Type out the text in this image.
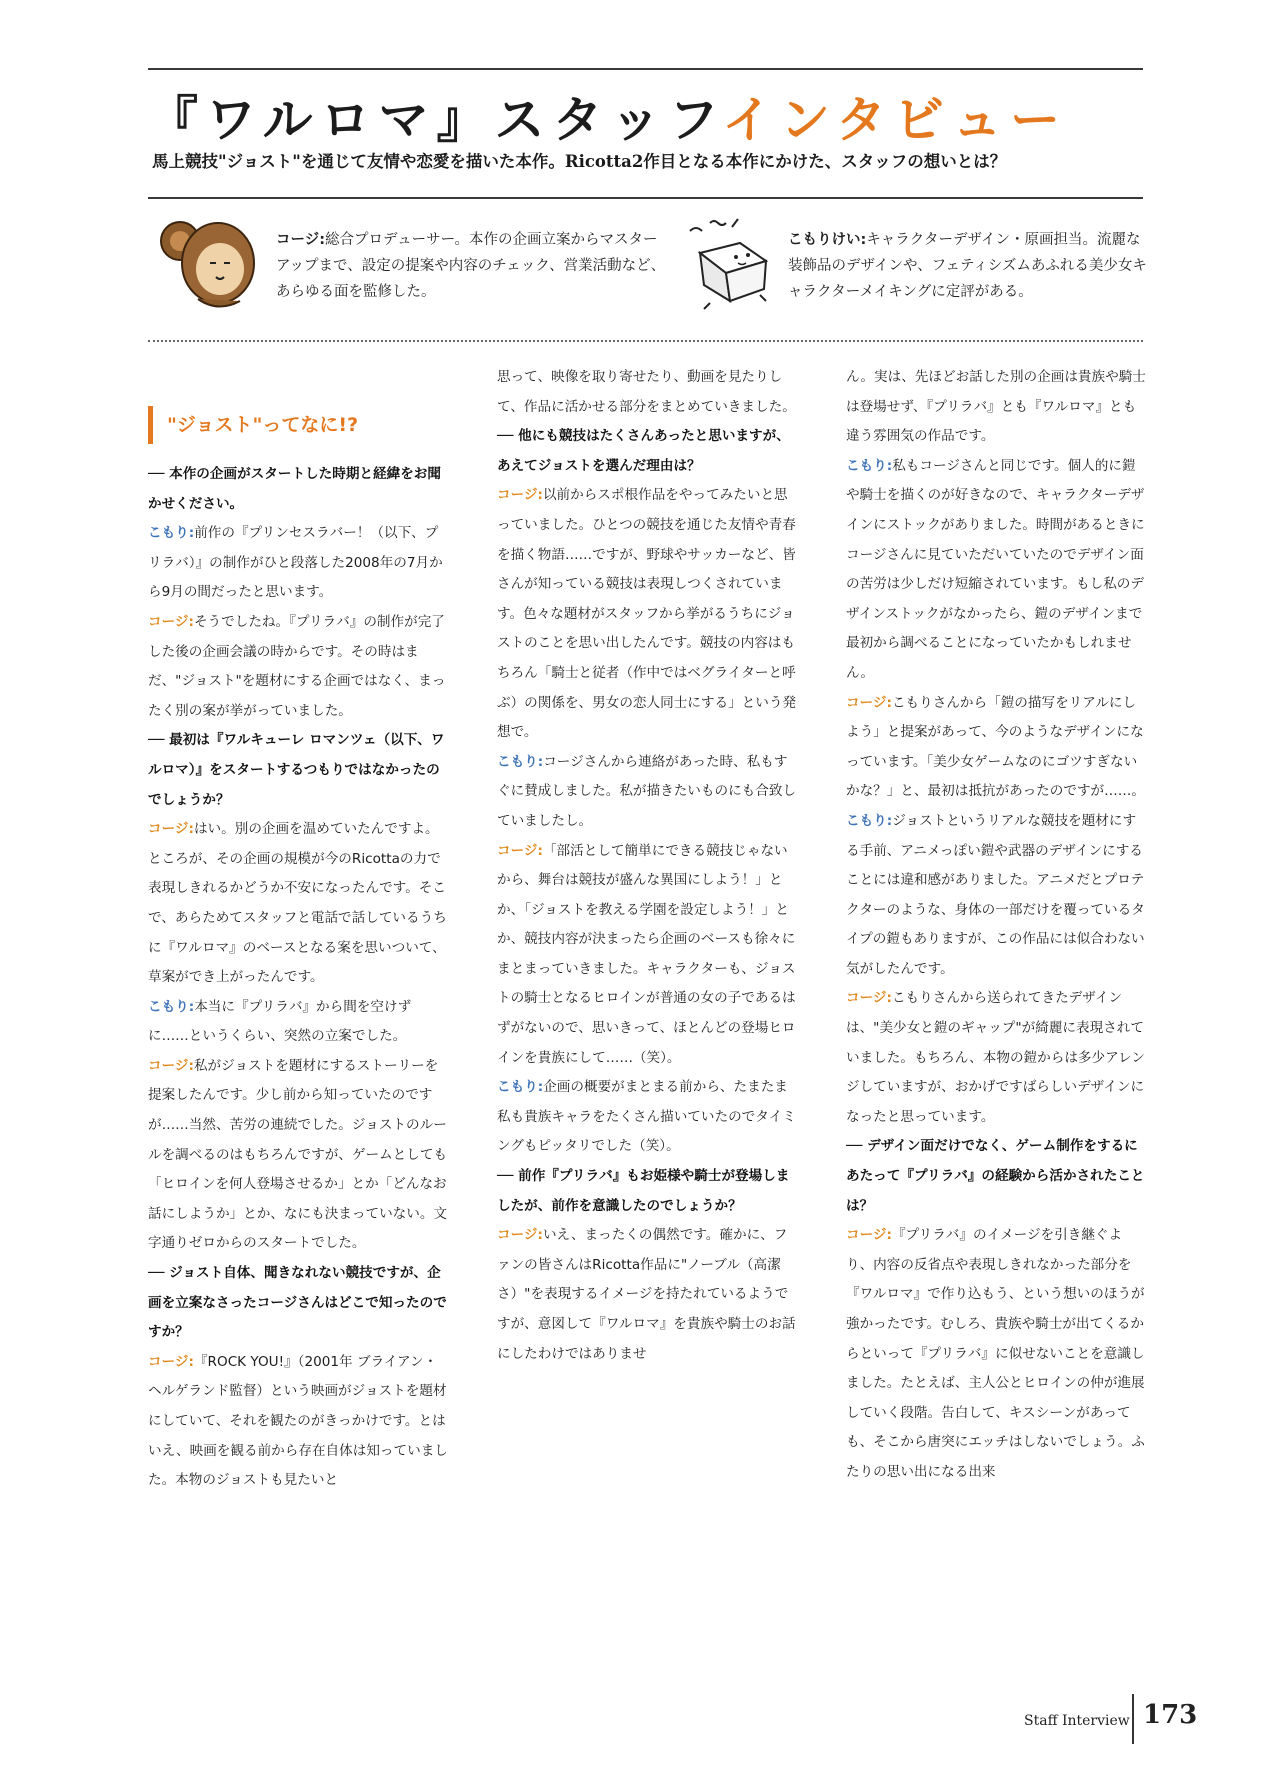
『ワルロマ』スタッフインタビュー
馬上競技"ジョスト"を通じて友情や恋愛を描いた本作。Ricotta2作目となる本作にかけた、スタッフの想いとは？
コージ:総合プロデューサー。本作の企画立案からマスターアップまで、設定の提案や内容のチェック、営業活動など、あらゆる面を監修した。
こもりけい:キャラクターデザイン・原画担当。流麗な装飾品のデザインや、フェティシズムあふれる美少女キャラクターメイキングに定評がある。
"ジョスト"ってなに!?

── 本作の企画がスタートした時期と経緯をお聞かせください。

こもり:前作の『プリンセスラバー！（以下、プリラバ）』の制作がひと段落した2008年の7月から9月の間だったと思います。

コージ:そうでしたね。『プリラバ』の制作が完了した後の企画会議の時からです。その時はまだ、"ジョスト"を題材にする企画ではなく、まったく別の案が挙がっていました。

── 最初は『ワルキューレ ロマンツェ（以下、ワルロマ）』をスタートするつもりではなかったのでしょうか？

コージ:はい。別の企画を温めていたんですよ。ところが、その企画の規模が今のRicottaの力で表現しきれるかどうか不安になったんです。そこで、あらためてスタッフと電話で話しているうちに『ワルロマ』のベースとなる案を思いついて、草案ができ上がったんです。

こもり:本当に『プリラバ』から間を空けずに……というくらい、突然の立案でした。

コージ:私がジョストを題材にするストーリーを提案したんです。少し前から知っていたのですが……当然、苦労の連続でした。ジョストのルールを調べるのはもちろんですが、ゲームとしても「ヒロインを何人登場させるか」とか「どんなお話にしようか」とか、なにも決まっていない。文字通りゼロからのスタートでした。

── ジョスト自体、聞きなれない競技ですが、企画を立案なさったコージさんはどこで知ったのですか？

コージ:『ROCK YOU!』（2001年 ブライアン・ヘルゲランド監督）という映画がジョストを題材にしていて、それを観たのがきっかけです。とはいえ、映画を観る前から存在自体は知っていました。本物のジョストも見たいと

思って、映像を取り寄せたり、動画を見たりして、作品に活かせる部分をまとめていきました。

── 他にも競技はたくさんあったと思いますが、あえてジョストを選んだ理由は？

コージ:以前からスポ根作品をやってみたいと思っていました。ひとつの競技を通じた友情や青春を描く物語……ですが、野球やサッカーなど、皆さんが知っている競技は表現しつくされています。色々な題材がスタッフから挙がるうちにジョストのことを思い出したんです。競技の内容はもちろん「騎士と従者（作中ではベグライターと呼ぶ）の関係を、男女の恋人同士にする」という発想で。

こもり:コージさんから連絡があった時、私もすぐに賛成しました。私が描きたいものにも合致していましたし。

コージ:「部活として簡単にできる競技じゃないから、舞台は競技が盛んな異国にしよう！」とか、「ジョストを教える学園を設定しよう！」とか、競技内容が決まったら企画のベースも徐々にまとまっていきました。キャラクターも、ジョストの騎士となるヒロインが普通の女の子であるはずがないので、思いきって、ほとんどの登場ヒロインを貴族にして……（笑）。

こもり:企画の概要がまとまる前から、たまたま私も貴族キャラをたくさん描いていたのでタイミングもピッタリでした（笑）。

── 前作『プリラバ』もお姫様や騎士が登場しましたが、前作を意識したのでしょうか？

コージ:いえ、まったくの偶然です。確かに、ファンの皆さんはRicotta作品に"ノーブル（高潔さ）"を表現するイメージを持たれているようですが、意図して『ワルロマ』を貴族や騎士のお話にしたわけではありませ

ん。実は、先ほどお話した別の企画は貴族や騎士は登場せず、『プリラバ』とも『ワルロマ』とも違う雰囲気の作品です。

こもり:私もコージさんと同じです。個人的に鎧や騎士を描くのが好きなので、キャラクターデザインにストックがありました。時間があるときにコージさんに見ていただいていたのでデザイン面の苦労は少しだけ短縮されています。もし私のデザインストックがなかったら、鎧のデザインまで最初から調べることになっていたかもしれません。

コージ:こもりさんから「鎧の描写をリアルにしよう」と提案があって、今のようなデザインになっています。「美少女ゲームなのにゴツすぎないかな？」と、最初は抵抗があったのですが……。

こもり:ジョストというリアルな競技を題材にする手前、アニメっぽい鎧や武器のデザインにすることには違和感がありました。アニメだとプロテクターのような、身体の一部だけを覆っているタイプの鎧もありますが、この作品には似合わない気がしたんです。

コージ:こもりさんから送られてきたデザインは、"美少女と鎧のギャップ"が綺麗に表現されていました。もちろん、本物の鎧からは多少アレンジしていますが、おかげですばらしいデザインになったと思っています。

── デザイン面だけでなく、ゲーム制作をするにあたって『プリラバ』の経験から活かされたことは？

コージ:『プリラバ』のイメージを引き継ぐより、内容の反省点や表現しきれなかった部分を『ワルロマ』で作り込もう、という想いのほうが強かったです。むしろ、貴族や騎士が出てくるからといって『プリラバ』に似せないことを意識しました。たとえば、主人公とヒロインの仲が進展していく段階。告白して、キスシーンがあっても、そこから唐突にエッチはしないでしょう。ふたりの思い出になる出来

Staff Interview 173
